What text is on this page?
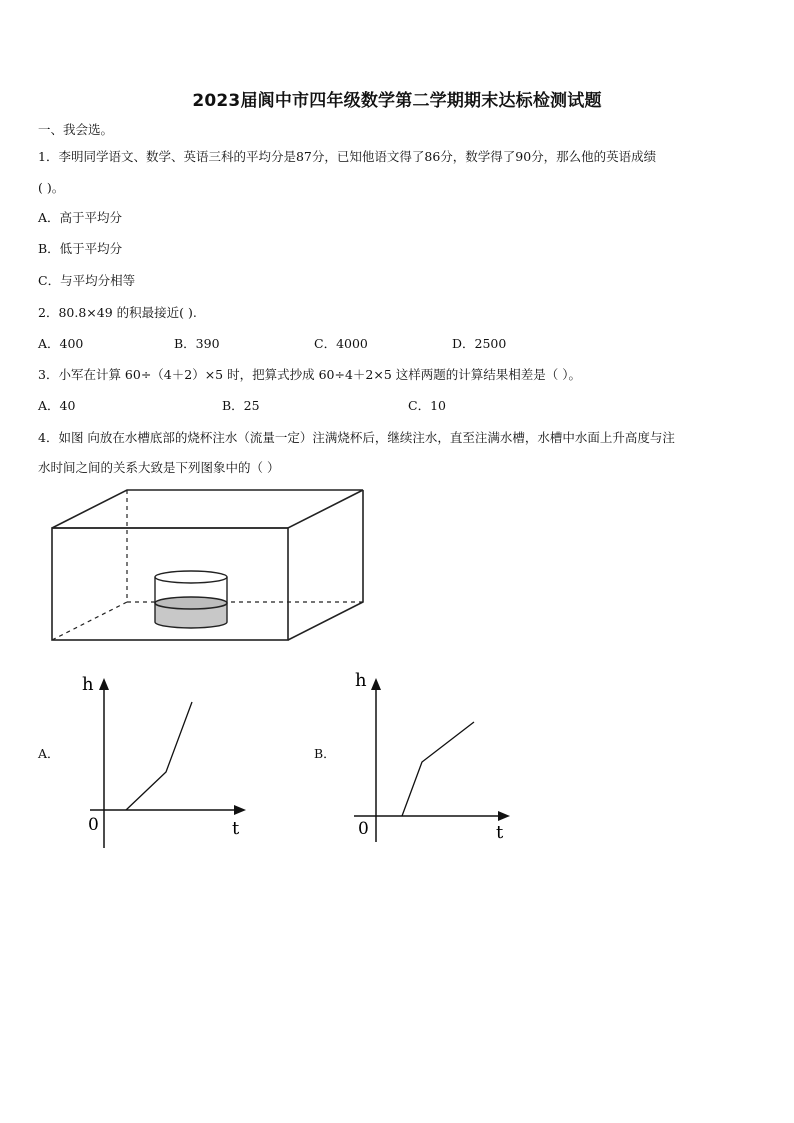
2023届阆中市四年级数学第二学期期末达标检测试题
一、我会选。
1．李明同学语文、数学、英语三科的平均分是87分，已知他语文得了86分，数学得了90分，那么他的英语成绩
( )。
A．高于平均分
B．低于平均分
C．与平均分相等
2．80.8×49 的积最接近( ).
A．400	B．390	C．4000	D．2500
3．小军在计算 60÷（4＋2）×5 时，把算式抄成 60÷4＋2×5 这样两题的计算结果相差是（ ）。
A．40	B．25	C．10
4．如图 向放在水槽底部的烧杯注水（流量一定）注满烧杯后，继续注水，直至注满水槽，水槽中水面上升高度与注
水时间之间的关系大致是下列图象中的（ ）
A．
h
0	t
B．
h
0	t
